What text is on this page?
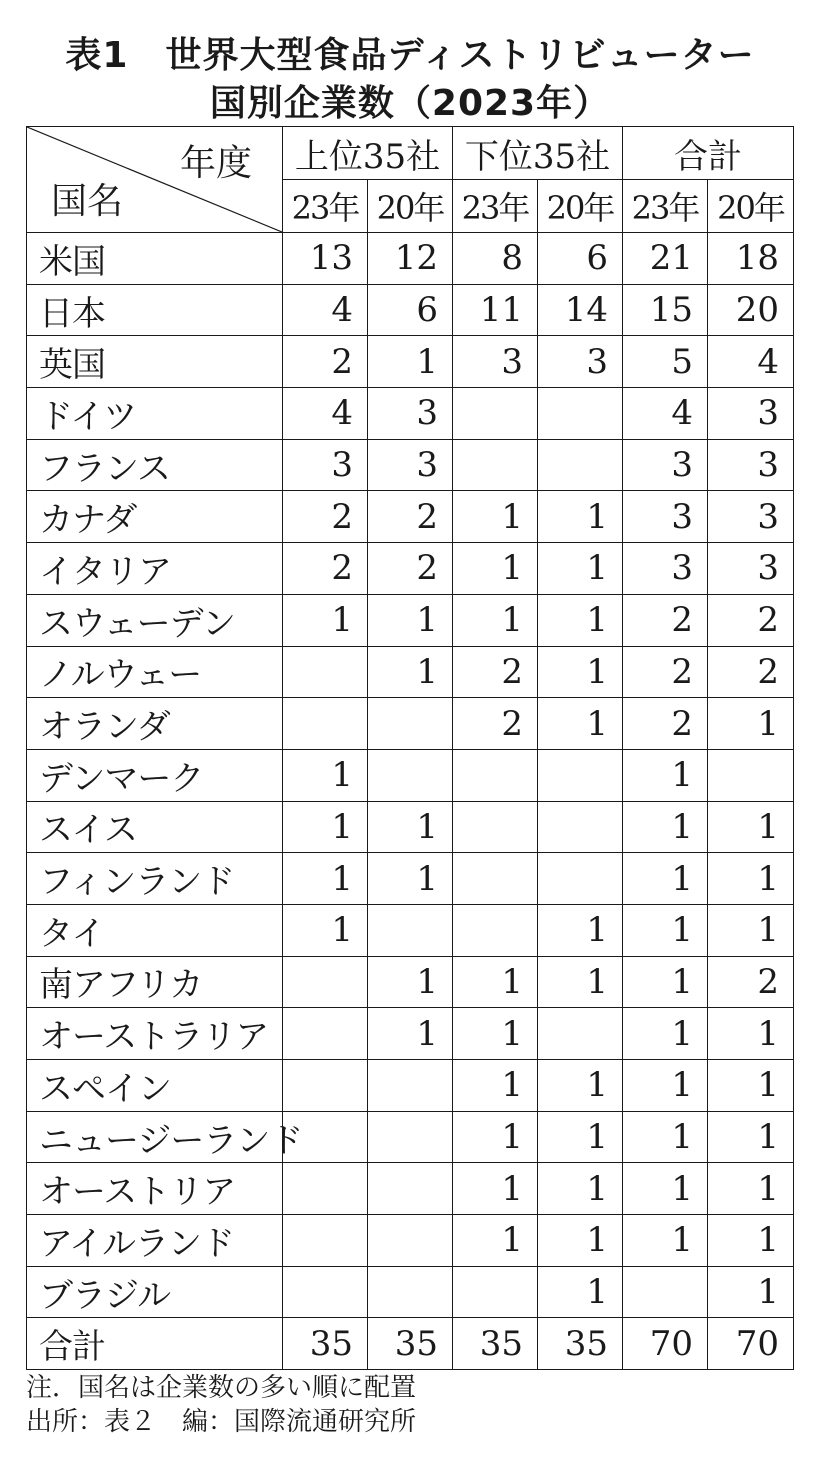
表1　世界大型食品ディストリビューター
国別企業数（2023年）
年度
国名	上位35社		下位35社		合計	
	23年	20年	23年	20年	23年	20年
米国	13	12	8	6	21	18
日本	4	6	11	14	15	20
英国	2	1	3	3	5	4
ドイツ	4	3			4	3
フランス	3	3			3	3
カナダ	2	2	1	1	3	3
イタリア	2	2	1	1	3	3
スウェーデン	1	1	1	1	2	2
ノルウェー		1	2	1	2	2
オランダ			2	1	2	1
デンマーク	1				1	
スイス	1	1			1	1
フィンランド	1	1			1	1
タイ	1			1	1	1
南アフリカ		1	1	1	1	2
オーストラリア		1	1		1	1
スペイン			1	1	1	1
ニュージーランド			1	1	1	1
オーストリア			1	1	1	1
アイルランド			1	1	1	1
ブラジル				1		1
合計	35	35	35	35	70	70
注．国名は企業数の多い順に配置
出所：表２　編：国際流通研究所
